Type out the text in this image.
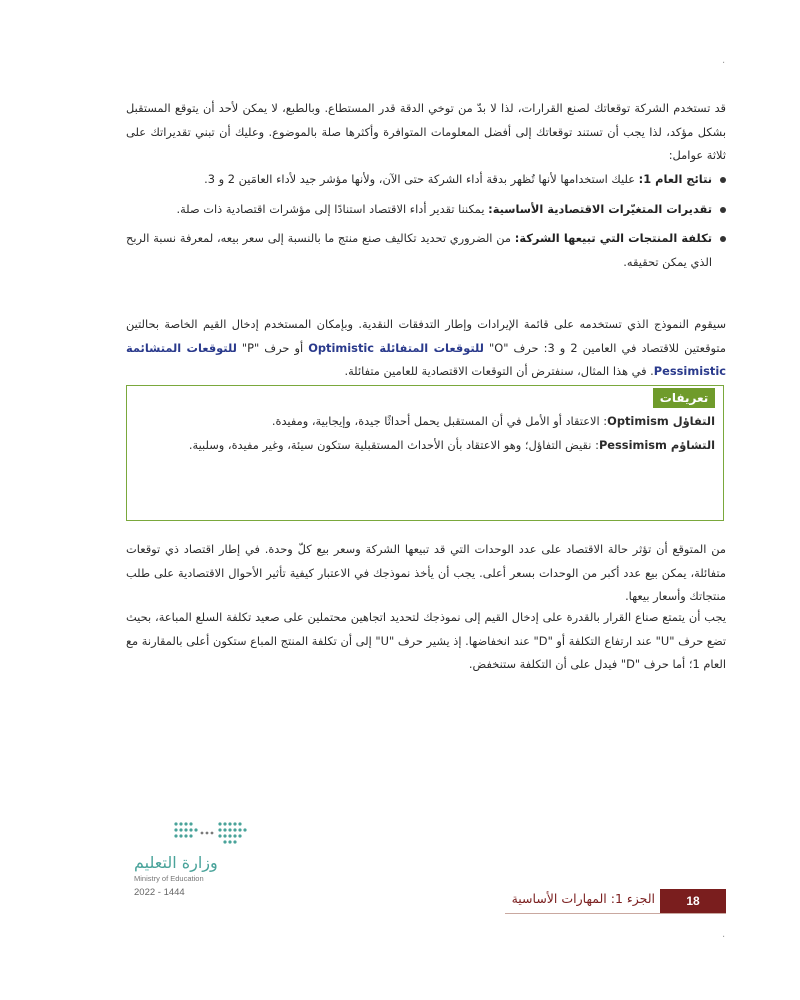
·
·
قد تستخدم الشركة توقعاتك لصنع القرارات، لذا لا بدّ من توخي الدقة قدر المستطاع. وبالطبع، لا يمكن لأحد أن يتوقع المستقبل بشكل مؤكد، لذا يجب أن تستند توقعاتك إلى أفضل المعلومات المتوافرة وأكثرها صلة بالموضوع. وعليك أن تبني تقديراتك على ثلاثة عوامل:
نتائج العام 1: عليك استخدامها لأنها تُظهر بدقة أداء الشركة حتى الآن، ولأنها مؤشر جيد لأداء العامَين 2 و 3.
تقديرات المتغيّرات الاقتصادية الأساسية: يمكننا تقدير أداء الاقتصاد استنادًا إلى مؤشرات اقتصادية ذات صلة.
تكلفة المنتجات التي تبيعها الشركة: من الضروري تحديد تكاليف صنع منتج ما بالنسبة إلى سعر بيعه، لمعرفة نسبة الربح الذي يمكن تحقيقه.
سيقوم النموذج الذي تستخدمه على قائمة الإيرادات وإطار التدفقات النقدية. وبإمكان المستخدم إدخال القيم الخاصة بحالتين متوقعتين للاقتصاد في العامين 2 و 3: حرف "O" للتوقعات المتفائلة Optimistic أو حرف "P" للتوقعات المتشائمة Pessimistic. في هذا المثال، سنفترض أن التوقعات الاقتصادية للعامين متفائلة.
تعريفات

التفاؤل Optimism: الاعتقاد أو الأمل في أن المستقبل يحمل أحداثًا جيدة، وإيجابية، ومفيدة.

التشاؤم Pessimism: نقيض التفاؤل؛ وهو الاعتقاد بأن الأحداث المستقبلية ستكون سيئة، وغير مفيدة، وسلبية.

من المتوقع أن تؤثر حالة الاقتصاد على عدد الوحدات التي قد تبيعها الشركة وسعر بيع كلّ وحدة. في إطار اقتصاد ذي توقعات متفائلة، يمكن بيع عدد أكبر من الوحدات بسعر أعلى. يجب أن يأخذ نموذجك في الاعتبار كيفية تأثير الأحوال الاقتصادية على طلب منتجاتك وأسعار بيعها.
يجب أن يتمتع صناع القرار بالقدرة على إدخال القيم إلى نموذجك لتحديد اتجاهين محتملين على صعيد تكلفة السلع المباعة، بحيث تضع حرف "U" عند ارتفاع التكلفة أو "D" عند انخفاضها. إذ يشير حرف "U" إلى أن تكلفة المنتج المباع ستكون أعلى بالمقارنة مع العام 1؛ أما حرف "D" فيدل على أن التكلفة ستنخفض.
وزارة التعليم
Ministry of Education
2022 - 1444
18
الجزء 1: المهارات الأساسية
